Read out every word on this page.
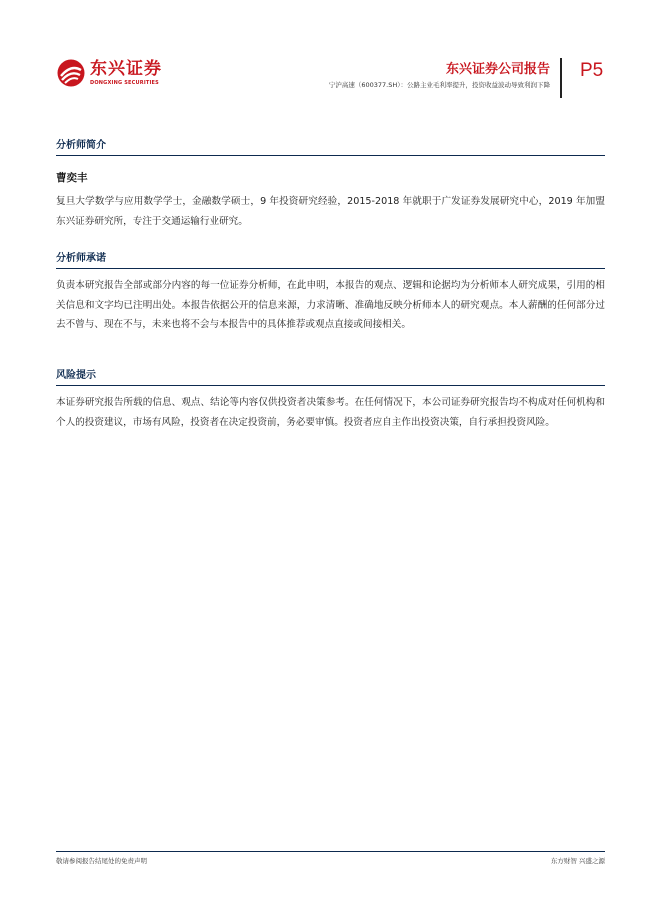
东兴证券
DONGXING SECURITIES
东兴证券公司报告
宁沪高速（600377.SH）：公路主业毛利率提升，投资收益波动导致利润下降
P5
分析师简介
曹奕丰
复旦大学数学与应用数学学士，金融数学硕士，9 年投资研究经验，2015-2018 年就职于广发证券发展研究中心，2019 年加盟东兴证券研究所，专注于交通运输行业研究。
分析师承诺
负责本研究报告全部或部分内容的每一位证券分析师，在此申明，本报告的观点、逻辑和论据均为分析师本人研究成果，引用的相关信息和文字均已注明出处。本报告依据公开的信息来源，力求清晰、准确地反映分析师本人的研究观点。本人薪酬的任何部分过去不曾与、现在不与，未来也将不会与本报告中的具体推荐或观点直接或间接相关。
风险提示
本证券研究报告所载的信息、观点、结论等内容仅供投资者决策参考。在任何情况下，本公司证券研究报告均不构成对任何机构和个人的投资建议，市场有风险，投资者在决定投资前，务必要审慎。投资者应自主作出投资决策，自行承担投资风险。
敬请参阅报告结尾处的免责声明	东方财智 兴盛之源
